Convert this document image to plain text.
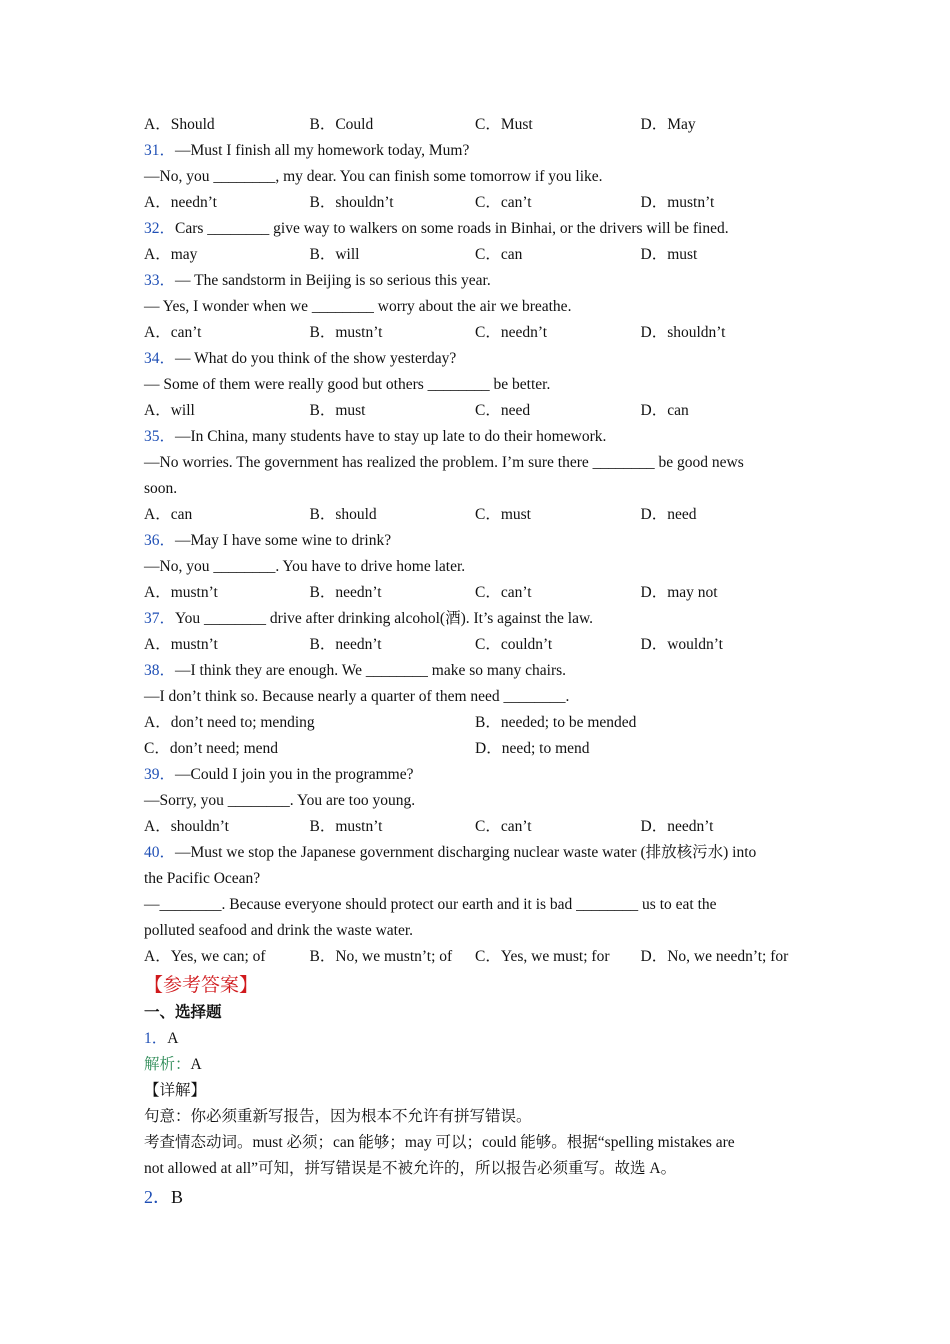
A．Should	B．Could	C．Must	D．May
31．—Must I finish all my homework today, Mum?
—No, you ________, my dear. You can finish some tomorrow if you like.
A．needn’t	B．shouldn’t	C．can’t	D．mustn’t
32．Cars ________ give way to walkers on some roads in Binhai, or the drivers will be fined.
A．may	B．will	C．can	D．must
33．— The sandstorm in Beijing is so serious this year.
— Yes, I wonder when we ________ worry about the air we breathe.
A．can’t	B．mustn’t	C．needn’t	D．shouldn’t
34．— What do you think of the show yesterday?
— Some of them were really good but others ________ be better.
A．will	B．must	C．need	D．can
35．—In China, many students have to stay up late to do their homework.
—No worries. The government has realized the problem. I’m sure there ________ be good news
soon.
A．can	B．should	C．must	D．need
36．—May I have some wine to drink?
—No, you ________. You have to drive home later.
A．mustn’t	B．needn’t	C．can’t	D．may not
37．You ________ drive after drinking alcohol(酒). It’s against the law.
A．mustn’t	B．needn’t	C．couldn’t	D．wouldn’t
38．—I think they are enough. We ________ make so many chairs.
—I don’t think so. Because nearly a quarter of them need ________.
A．don’t need to; mending	B．needed; to be mended
C．don’t need; mend	D．need; to mend
39．—Could I join you in the programme?
—Sorry, you ________. You are too young.
A．shouldn’t	B．mustn’t	C．can’t	D．needn’t
40．—Must we stop the Japanese government discharging nuclear waste water (排放核污水) into
the Pacific Ocean?
—________. Because everyone should protect our earth and it is bad ________ us to eat the
polluted seafood and drink the waste water.
A．Yes, we can; of	B．No, we mustn’t; of	C．Yes, we must; for	D．No, we needn’t; for
【参考答案】
一、选择题
1．A
解析：A
【详解】
句意：你必须重新写报告，因为根本不允许有拼写错误。
考查情态动词。must 必须；can 能够；may 可以；could 能够。根据“spelling mistakes are
not allowed at all”可知，拼写错误是不被允许的，所以报告必须重写。故选 A。
2．B
